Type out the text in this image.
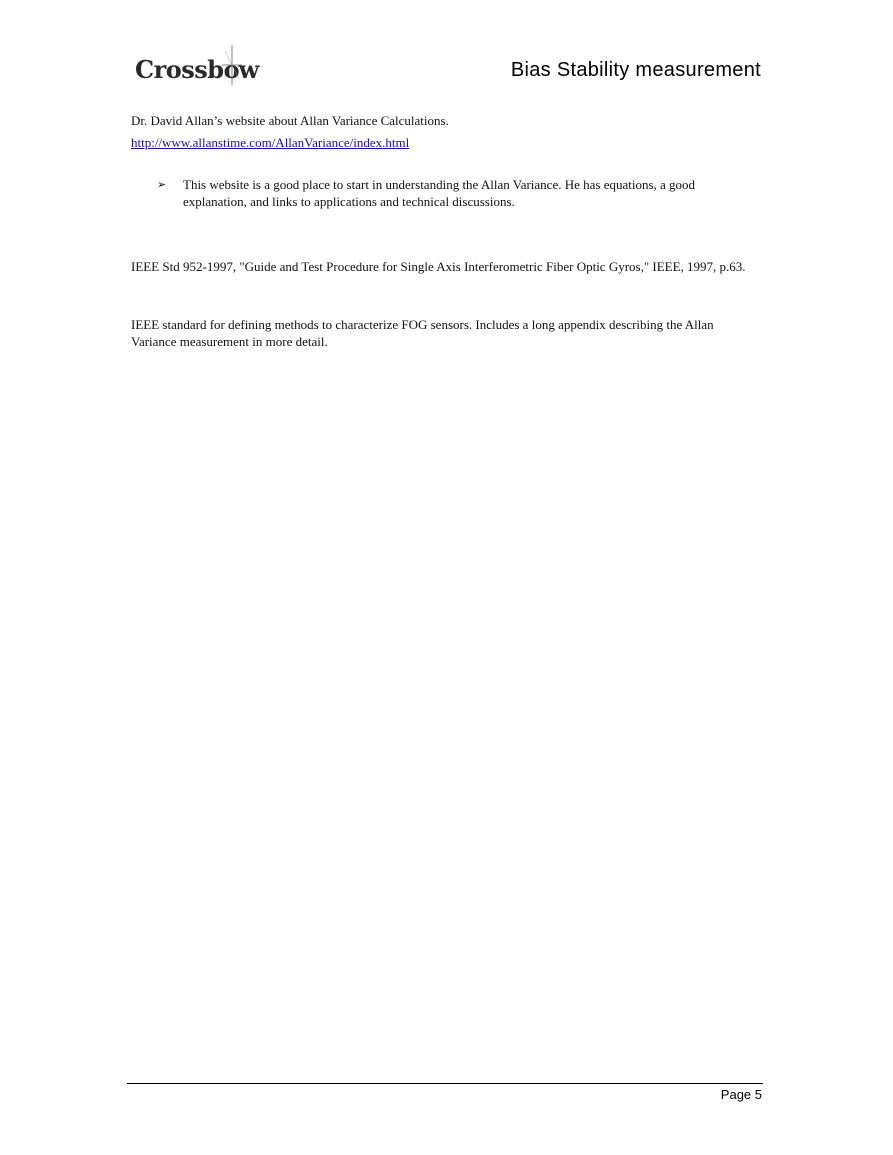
Crossbo
w	Bias Stability measurement
Dr. David Allan’s website about Allan Variance Calculations.
http://www.allanstime.com/AllanVariance/index.html
➢ This website is a good place to start in understanding the Allan Variance. He has equations, a good explanation, and links to applications and technical discussions.
IEEE Std 952-1997, "Guide and Test Procedure for Single Axis Interferometric Fiber Optic Gyros," IEEE, 1997, p.63.
IEEE standard for defining methods to characterize FOG sensors. Includes a long appendix describing the Allan Variance measurement in more detail.
Page 5
